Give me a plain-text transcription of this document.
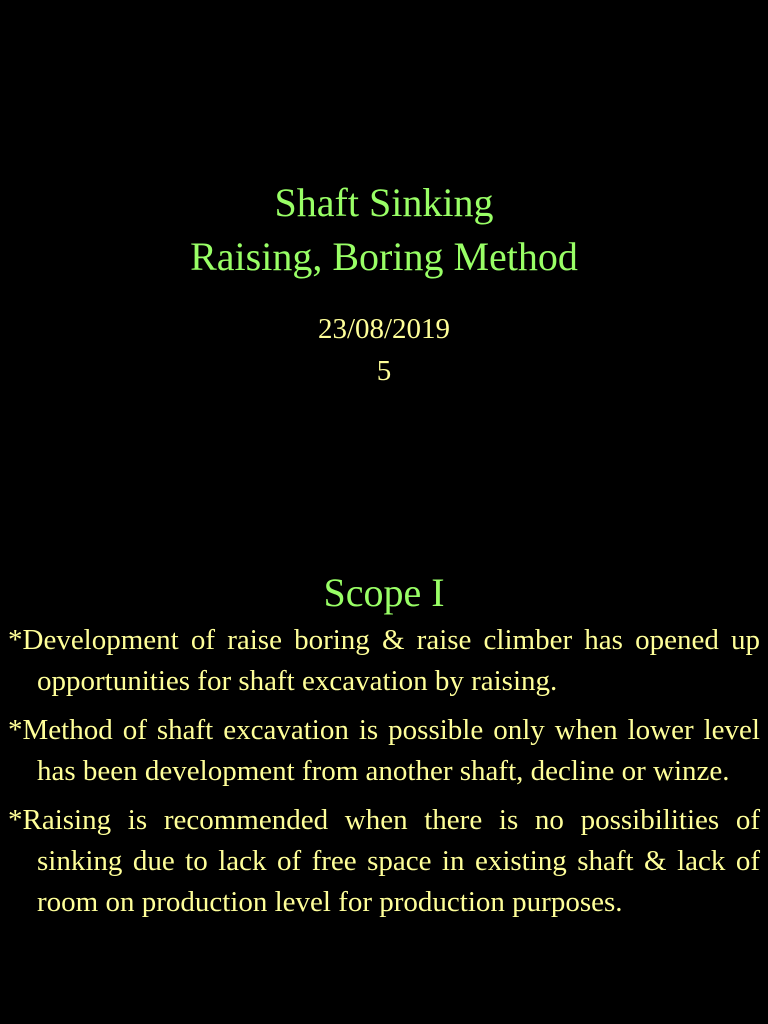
Shaft Sinking
Raising, Boring Method
23/08/2019
5
Scope I
*Development of raise boring & raise climber has opened up opportunities for shaft excavation by raising.
*Method of shaft excavation is possible only when lower level has been development from another shaft, decline or winze.
*Raising is recommended when there is no possibilities of sinking due to lack of free space in existing shaft & lack of room on production level for production purposes.
